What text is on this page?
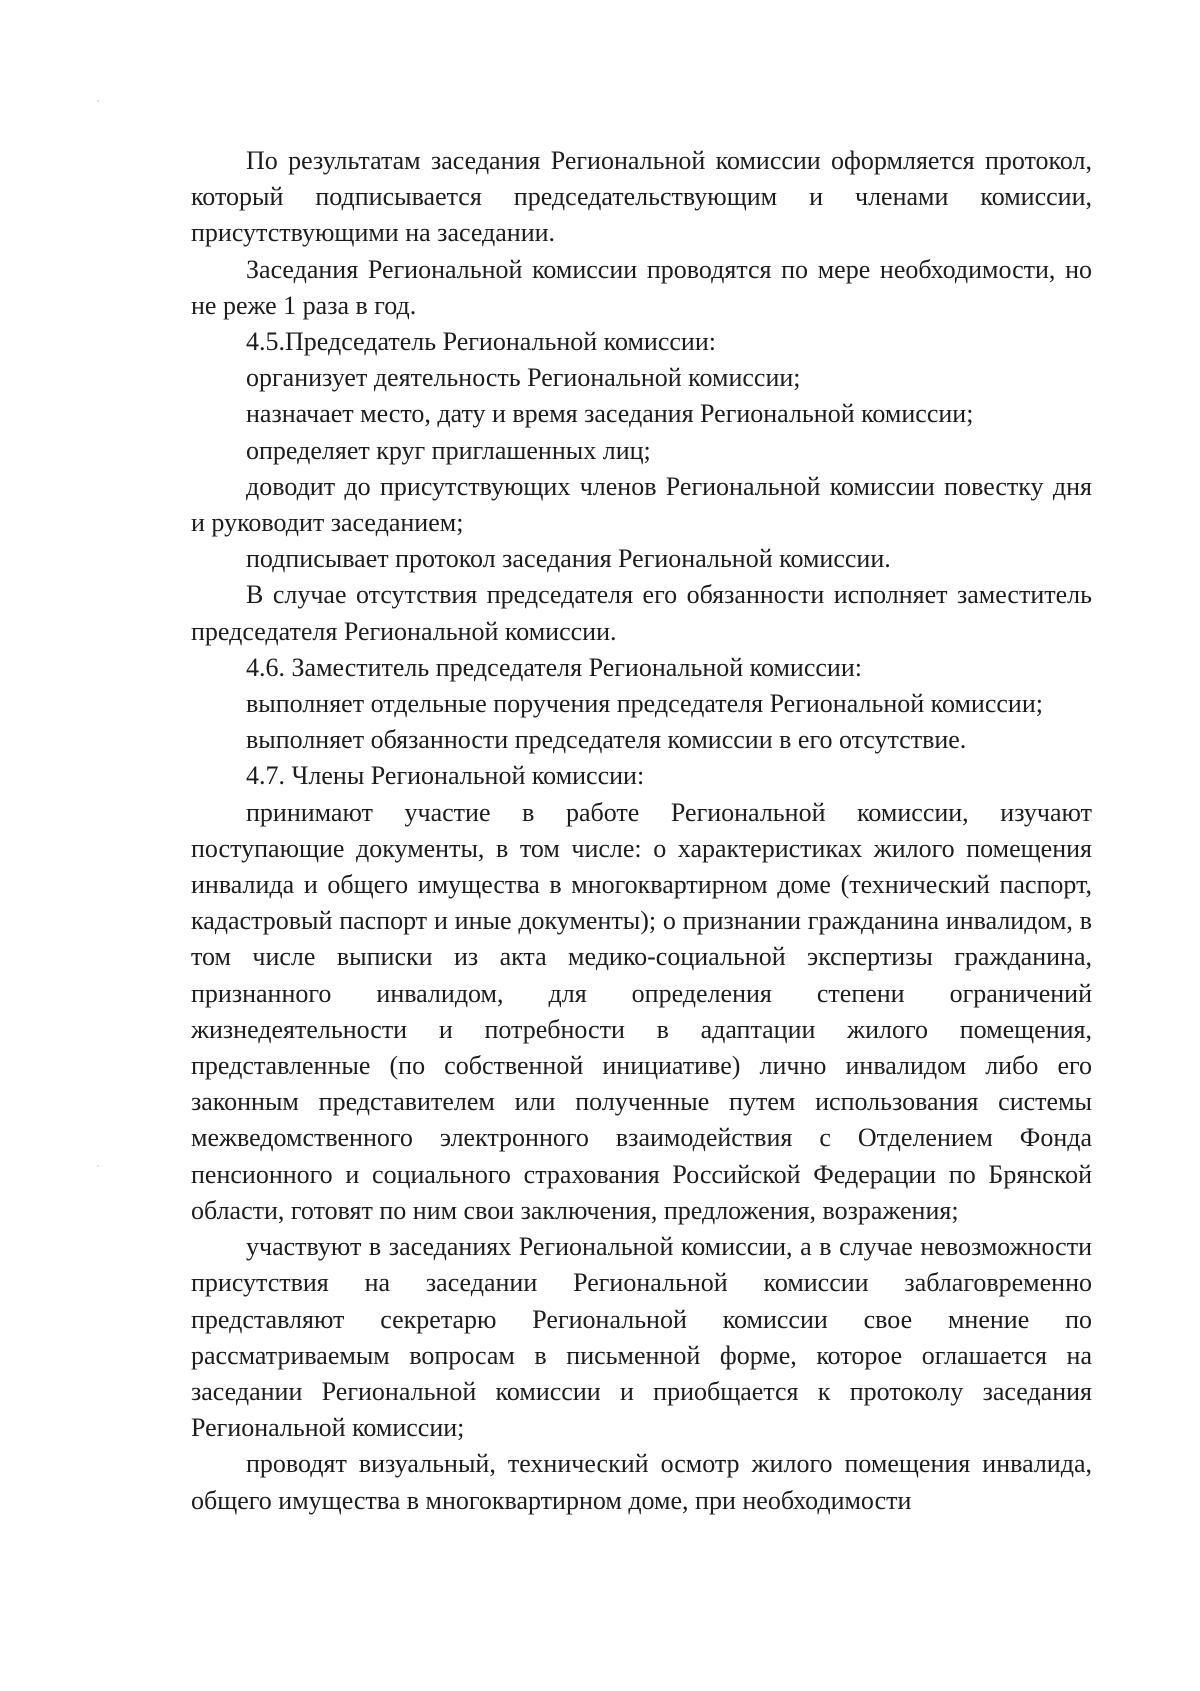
По результатам заседания Региональной комиссии оформляется протокол, который подписывается председательствующим и членами комиссии, присутствующими на заседании.

Заседания Региональной комиссии проводятся по мере необходимости, но не реже 1 раза в год.

4.5.Председатель Региональной комиссии:

организует деятельность Региональной комиссии;

назначает место, дату и время заседания Региональной комиссии;

определяет круг приглашенных лиц;

доводит до присутствующих членов Региональной комиссии повестку дня и руководит заседанием;

подписывает протокол заседания Региональной комиссии.

В случае отсутствия председателя его обязанности исполняет заместитель председателя Региональной комиссии.

4.6. Заместитель председателя Региональной комиссии:

выполняет отдельные поручения председателя Региональной комиссии;

выполняет обязанности председателя комиссии в его отсутствие.

4.7. Члены Региональной комиссии:

принимают участие в работе Региональной комиссии, изучают поступающие документы, в том числе: о характеристиках жилого помещения инвалида и общего имущества в многоквартирном доме (технический паспорт, кадастровый паспорт и иные документы); о признании гражданина инвалидом, в том числе выписки из акта медико-социальной экспертизы гражданина, признанного инвалидом, для определения степени ограничений жизнедеятельности и потребности в адаптации жилого помещения, представленные (по собственной инициативе) лично инвалидом либо его законным представителем или полученные путем использования системы межведомственного электронного взаимодействия с Отделением Фонда пенсионного и социального страхования Российской Федерации по Брянской области, готовят по ним свои заключения, предложения, возражения;

участвуют в заседаниях Региональной комиссии, а в случае невозможности присутствия на заседании Региональной комиссии заблаговременно представляют секретарю Региональной комиссии свое мнение по рассматриваемым вопросам в письменной форме, которое оглашается на заседании Региональной комиссии и приобщается к протоколу заседания Региональной комиссии;

проводят визуальный, технический осмотр жилого помещения инвалида, общего имущества в многоквартирном доме, при необходимости
